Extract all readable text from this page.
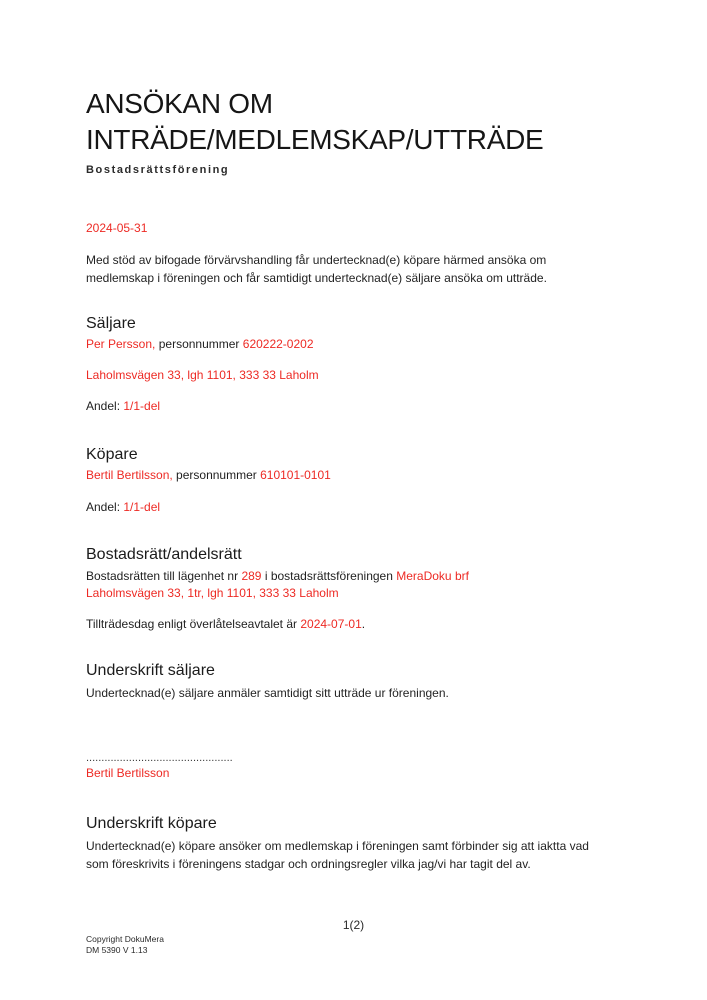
ANSÖKAN OM
INTRÄDE/MEDLEMSKAP/UTTRÄDE
Bostadsrättsförening
2024-05-31
Med stöd av bifogade förvärvshandling får undertecknad(e) köpare härmed ansöka om
medlemskap i föreningen och får samtidigt undertecknad(e) säljare ansöka om utträde.
Säljare
Per Persson, personnummer 620222-0202
Laholmsvägen 33, lgh 1101, 333 33 Laholm
Andel: 1/1-del
Köpare
Bertil Bertilsson, personnummer 610101-0101
Andel: 1/1-del
Bostadsrätt/andelsrätt
Bostadsrätten till lägenhet nr 289 i bostadsrättsföreningen MeraDoku brf
Laholmsvägen 33, 1tr, lgh 1101, 333 33 Laholm
Tillträdesdag enligt överlåtelseavtalet är 2024-07-01.
Underskrift säljare
Undertecknad(e) säljare anmäler samtidigt sitt utträde ur föreningen.
................................................
Bertil Bertilsson
Underskrift köpare
Undertecknad(e) köpare ansöker om medlemskap i föreningen samt förbinder sig att iaktta vad
som föreskrivits i föreningens stadgar och ordningsregler vilka jag/vi har tagit del av.
1(2)
Copyright DokuMera
DM 5390 V 1.13
